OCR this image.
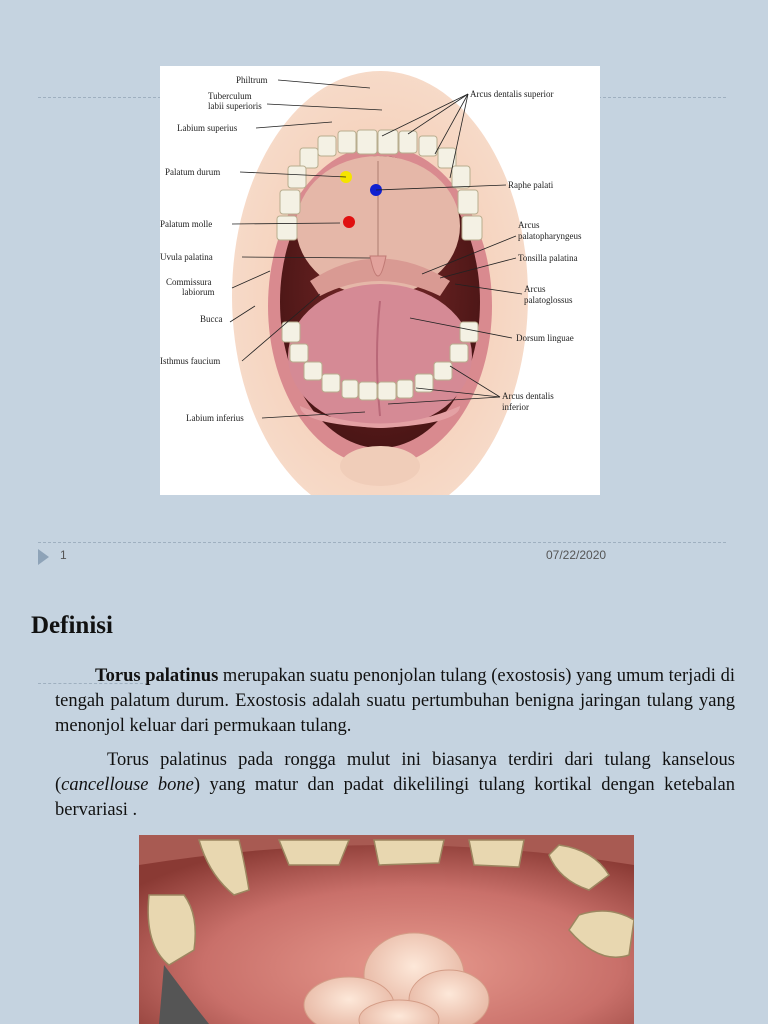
Philtrum
Tuberculum
labii superioris
Labium superius
Palatum durum
Palatum molle
Uvula palatina
Commissura
labiorum
Bucca
Isthmus faucium
Labium inferius
Arcus dentalis superior
Raphe palati
Arcus
palatopharyngeus
Tonsilla palatina
Arcus
palatoglossus
Dorsum linguae
Arcus dentalis
inferior
1	07/22/2020
Definisi

Torus palatinus merupakan suatu penonjolan tulang (exostosis) yang umum terjadi di tengah palatum durum. Exostosis adalah suatu pertumbuhan benigna jaringan tulang yang menonjol keluar dari permukaan tulang.

Torus palatinus pada rongga mulut ini biasanya terdiri dari tulang kanselous (cancellouse bone) yang matur dan padat dikelilingi tulang kortikal dengan ketebalan bervariasi .
